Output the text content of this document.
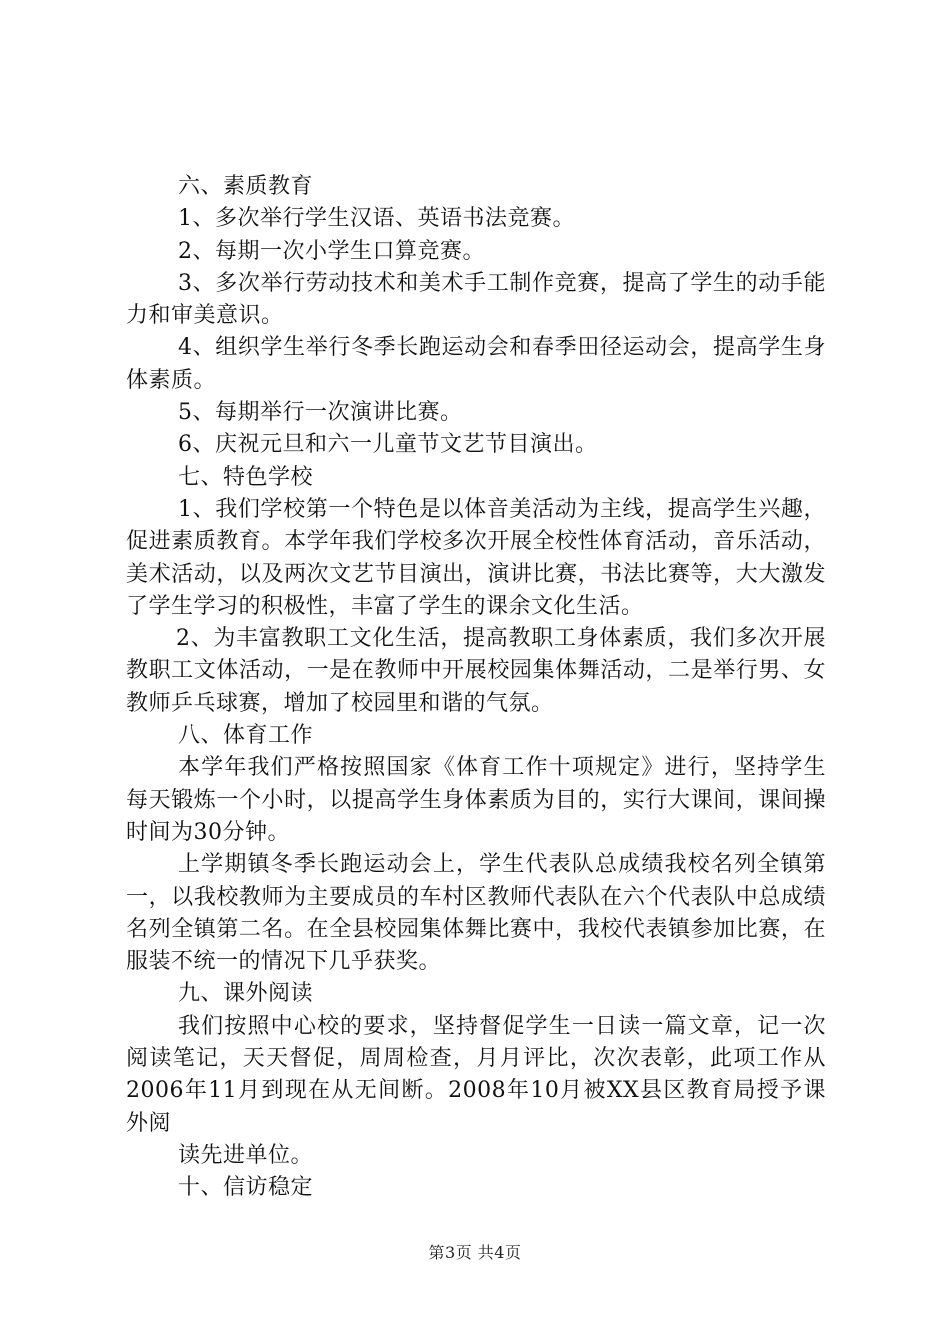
六、素质教育

1、多次举行学生汉语、英语书法竞赛。

2、每期一次小学生口算竞赛。

3、多次举行劳动技术和美术手工制作竞赛，提高了学生的动手能力和审美意识。

4、组织学生举行冬季长跑运动会和春季田径运动会，提高学生身体素质。

5、每期举行一次演讲比赛。

6、庆祝元旦和六一儿童节文艺节目演出。

七、特色学校

1、我们学校第一个特色是以体音美活动为主线，提高学生兴趣，促进素质教育。本学年我们学校多次开展全校性体育活动，音乐活动，美术活动，以及两次文艺节目演出，演讲比赛，书法比赛等，大大激发了学生学习的积极性，丰富了学生的课余文化生活。

2、为丰富教职工文化生活，提高教职工身体素质，我们多次开展教职工文体活动，一是在教师中开展校园集体舞活动，二是举行男、女教师乒乓球赛，增加了校园里和谐的气氛。

八、体育工作

本学年我们严格按照国家《体育工作十项规定》进行，坚持学生每天锻炼一个小时，以提高学生身体素质为目的，实行大课间，课间操时间为30分钟。

上学期镇冬季长跑运动会上，学生代表队总成绩我校名列全镇第一，以我校教师为主要成员的车村区教师代表队在六个代表队中总成绩名列全镇第二名。在全县校园集体舞比赛中，我校代表镇参加比赛，在服装不统一的情况下几乎获奖。

九、课外阅读

我们按照中心校的要求，坚持督促学生一日读一篇文章，记一次阅读笔记，天天督促，周周检查，月月评比，次次表彰，此项工作从2006年11月到现在从无间断。2008年10月被XX县区教育局授予课外阅

读先进单位。

十、信访稳定

第3页 共4页
